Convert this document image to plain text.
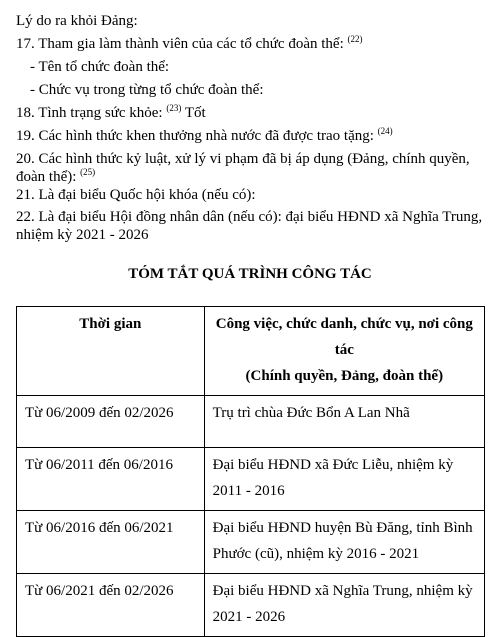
Lý do ra khỏi Đảng:
17. Tham gia làm thành viên của các tổ chức đoàn thể: $^{(22)}$
- Tên tổ chức đoàn thể:
- Chức vụ trong từng tổ chức đoàn thể:
18. Tình trạng sức khỏe: $^{(23)}$ Tốt
19. Các hình thức khen thưởng nhà nước đã được trao tặng: $^{(24)}$
20. Các hình thức kỷ luật, xử lý vi phạm đã bị áp dụng (Đảng, chính quyền, đoàn thể): $^{(25)}$
21. Là đại biểu Quốc hội khóa (nếu có):
22. Là đại biểu Hội đồng nhân dân (nếu có): đại biểu HĐND xã Nghĩa Trung, nhiệm kỳ 2021 - 2026
TÓM TẮT QUÁ TRÌNH CÔNG TÁC
Thời gian	Công việc, chức danh, chức vụ, nơi công tác
(Chính quyền, Đảng, đoàn thể)

Từ 06/2009 đến 02/2026	Trụ trì chùa Đức Bổn A Lan Nhã
Từ 06/2011 đến 06/2016	Đại biểu HĐND xã Đức Liễu, nhiệm kỳ 2011 - 2016
Từ 06/2016 đến 06/2021	Đại biểu HĐND huyện Bù Đăng, tỉnh Bình Phước (cũ), nhiệm kỳ 2016 - 2021
Từ 06/2021 đến 02/2026	Đại biểu HĐND xã Nghĩa Trung, nhiệm kỳ 2021 - 2026
